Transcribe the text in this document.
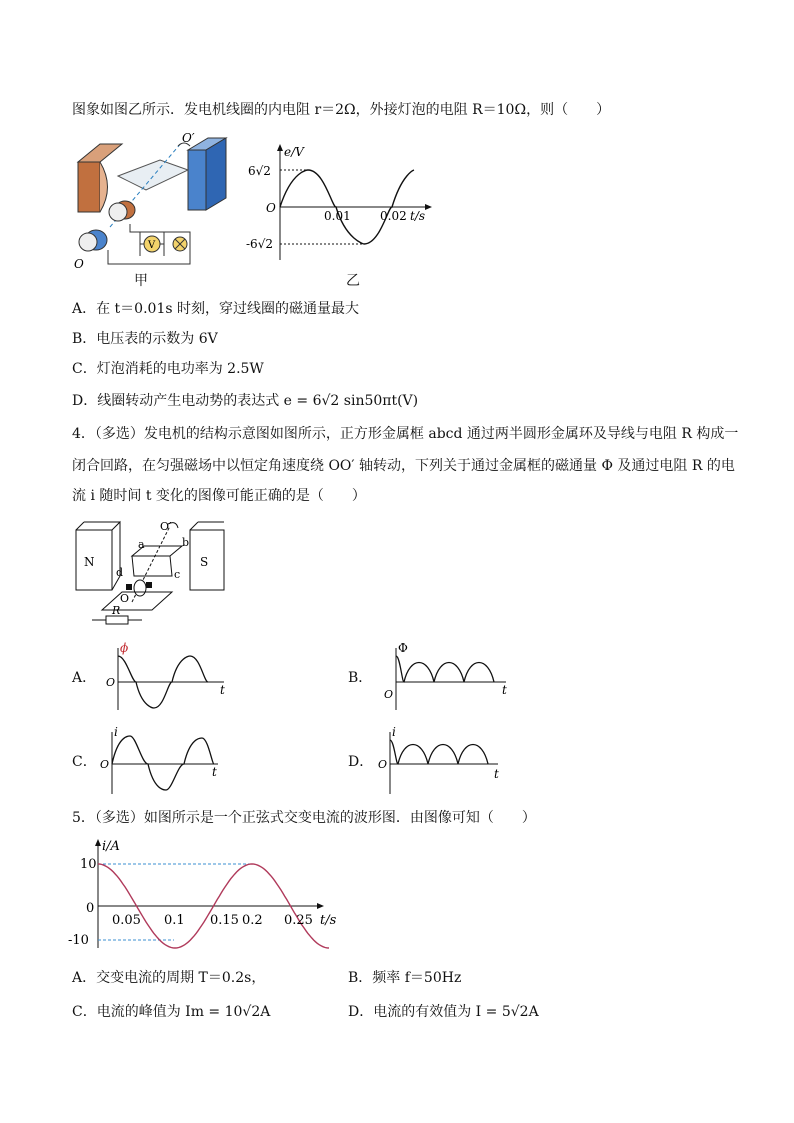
图象如图乙所示．发电机线圈的内电阻 r＝2Ω，外接灯泡的电阻 R＝10Ω，则（　　）
O′
O
V
甲
e/V
6√2
O
-6√2
0.01 0.02 t/s
乙
A．在 t＝0.01s 时刻，穿过线圈的磁通量最大
B．电压表的示数为 6V
C．灯泡消耗的电功率为 2.5W
D．线圈转动产生电动势的表达式 e = 6√2 sin50πt(V)
4．（多选）发电机的结构示意图如图所示，正方形金属框 abcd 通过两半圆形金属环及导线与电阻 R 构成一
闭合回路，在匀强磁场中以恒定角速度绕 OO′ 轴转动，下列关于通过金属框的磁通量 Φ 及通过电阻 R 的电
流 i 随时间 t 变化的图像可能正确的是（　　）
N	S
O′
a	b
c
d
O
R
A．
ϕ
t
O	B．
Φ
t
O
C．
i
t
O	D．
i
t
O
5．（多选）如图所示是一个正弦式交变电流的波形图．由图像可知（　　）
i/A
10
0
-10
0.05 0.1 0.15 0.2 0.25 t/s
A．交变电流的周期 T＝0.2s，	B．频率 f＝50Hz
C．电流的峰值为 Im = 10√2A	D．电流的有效值为 I = 5√2A
